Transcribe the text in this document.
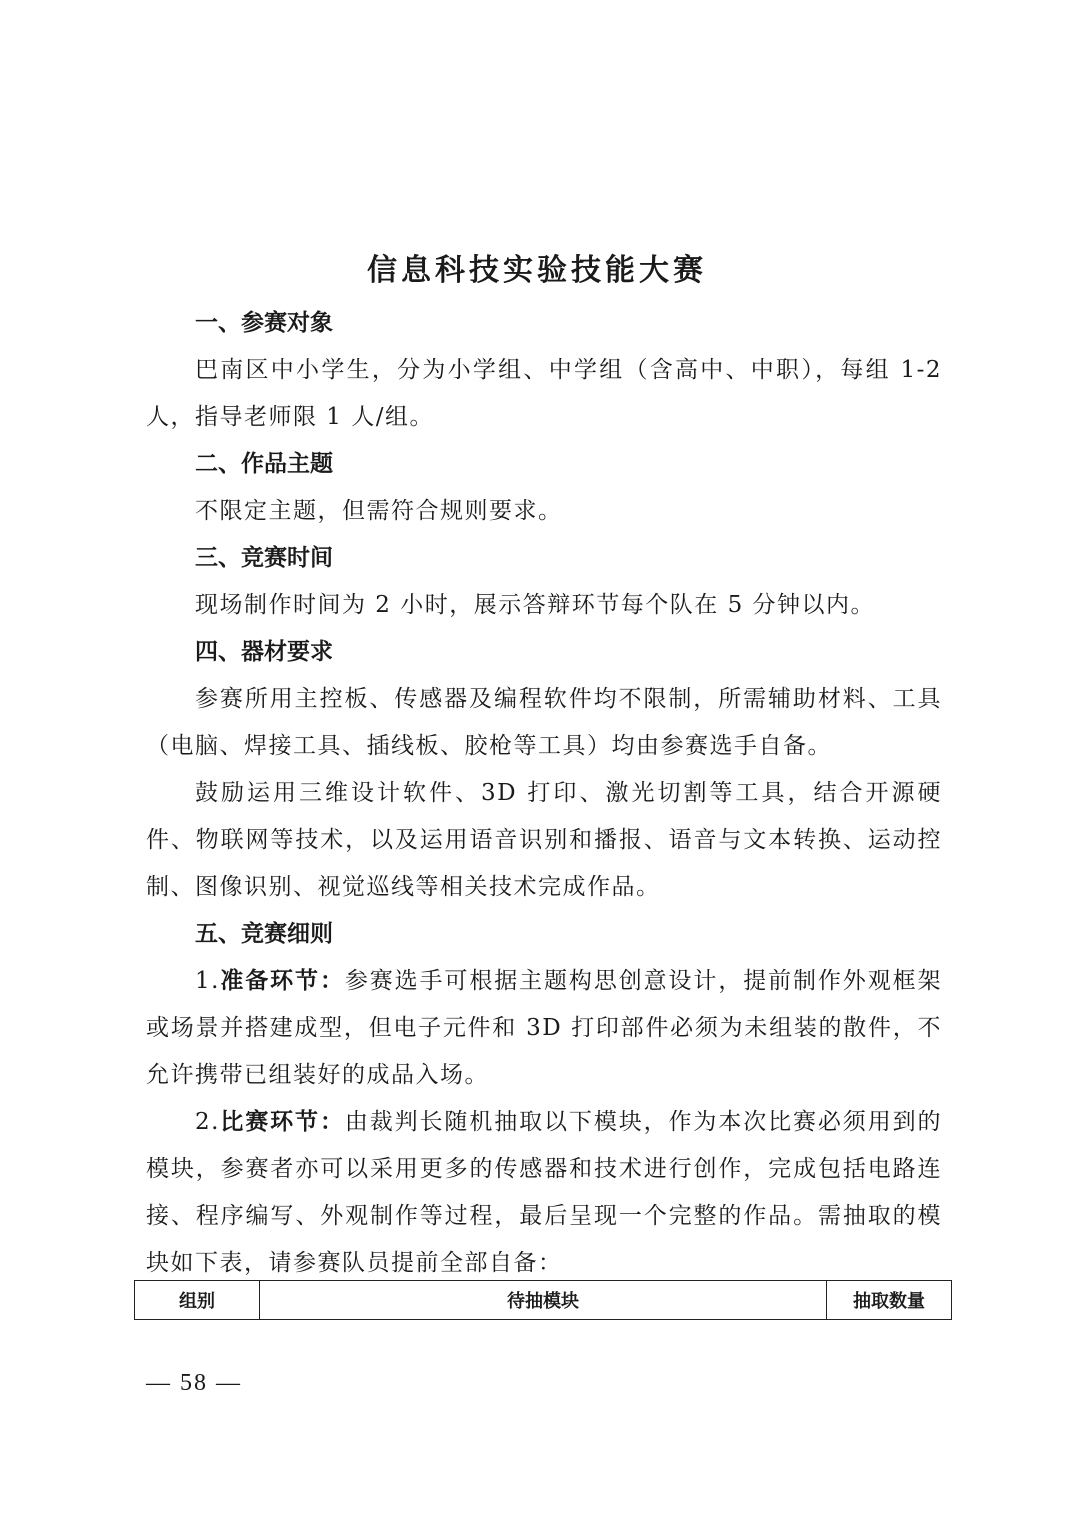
信息科技实验技能大赛

一、参赛对象

巴南区中小学生，分为小学组、中学组（含高中、中职），每组 1-2 人，指导老师限 1 人/组。

二、作品主题

不限定主题，但需符合规则要求。

三、竞赛时间

现场制作时间为 2 小时，展示答辩环节每个队在 5 分钟以内。

四、器材要求

参赛所用主控板、传感器及编程软件均不限制，所需辅助材料、工具（电脑、焊接工具、插线板、胶枪等工具）均由参赛选手自备。

鼓励运用三维设计软件、3D 打印、激光切割等工具，结合开源硬件、物联网等技术，以及运用语音识别和播报、语音与文本转换、运动控制、图像识别、视觉巡线等相关技术完成作品。

五、竞赛细则

1.准备环节：参赛选手可根据主题构思创意设计，提前制作外观框架或场景并搭建成型，但电子元件和 3D 打印部件必须为未组装的散件，不允许携带已组装好的成品入场。

2.比赛环节：由裁判长随机抽取以下模块，作为本次比赛必须用到的模块，参赛者亦可以采用更多的传感器和技术进行创作，完成包括电路连接、程序编写、外观制作等过程，最后呈现一个完整的作品。需抽取的模块如下表，请参赛队员提前全部自备：

组别	待抽模块	抽取数量
— 58 —
